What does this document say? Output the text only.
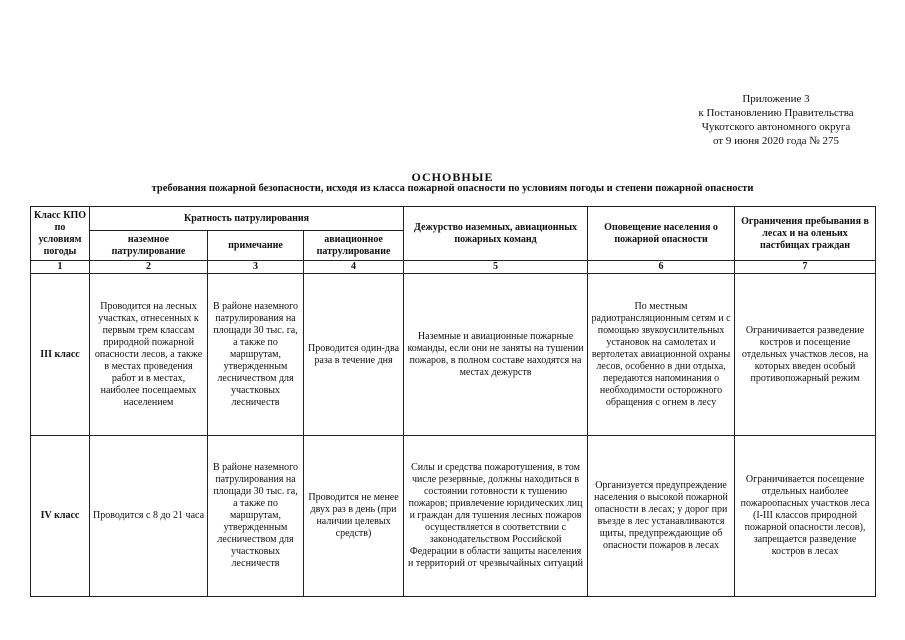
Приложение 3
к Постановлению Правительства
Чукотского автономного округа
от 9 июня 2020 года № 275
ОСНОВНЫЕ
требования пожарной безопасности, исходя из класса пожарной опасности по условиям погоды и степени пожарной опасности
Класс КПО по условиям погоды	Кратность патрулирования			Дежурство наземных, авиационных пожарных команд	Оповещение населения о пожарной опасности	Ограничения пребывания в лесах и на оленьих пастбищах граждан
	наземное патрулирование	примечание	авиационное патрулирование			
1	2	3	4	5	6	7
III класс	Проводится на лесных участках, отнесенных к первым трем классам природной пожарной опасности лесов, а также в местах проведения работ и в местах, наиболее посещаемых населением	В районе наземного патрулирования на площади 30 тыс. га, а также по маршрутам, утвержденным лесничеством для участковых лесничеств	Проводится один-два раза в течение дня	Наземные и авиационные пожарные команды, если они не заняты на тушении пожаров, в полном составе находятся на местах дежурств	По местным радиотрансляционным сетям и с помощью звукоусилительных установок на самолетах и вертолетах авиационной охраны лесов, особенно в дни отдыха, передаются напоминания о необходимости осторожного обращения с огнем в лесу	Ограничивается разведение костров и посещение отдельных участков лесов, на которых введен особый противопожарный режим
IV класс	Проводится с 8 до 21 часа	В районе наземного патрулирования на площади 30 тыс. га, а также по маршрутам, утвержденным лесничеством для участковых лесничеств	Проводится не менее двух раз в день (при наличии целевых средств)	Силы и средства пожаротушения, в том числе резервные, должны находиться в состоянии готовности к тушению пожаров; привлечение юридических лиц и граждан для тушения лесных пожаров осуществляется в соответствии с законодательством Российской Федерации в области защиты населения и территорий от чрезвычайных ситуаций	Организуется предупреждение населения о высокой пожарной опасности в лесах; у дорог при въезде в лес устанавливаются щиты, предупреждающие об опасности пожаров в лесах	Ограничивается посещение отдельных наиболее пожароопасных участков леса (I-III классов природной пожарной опасности лесов), запрещается разведение костров в лесах
